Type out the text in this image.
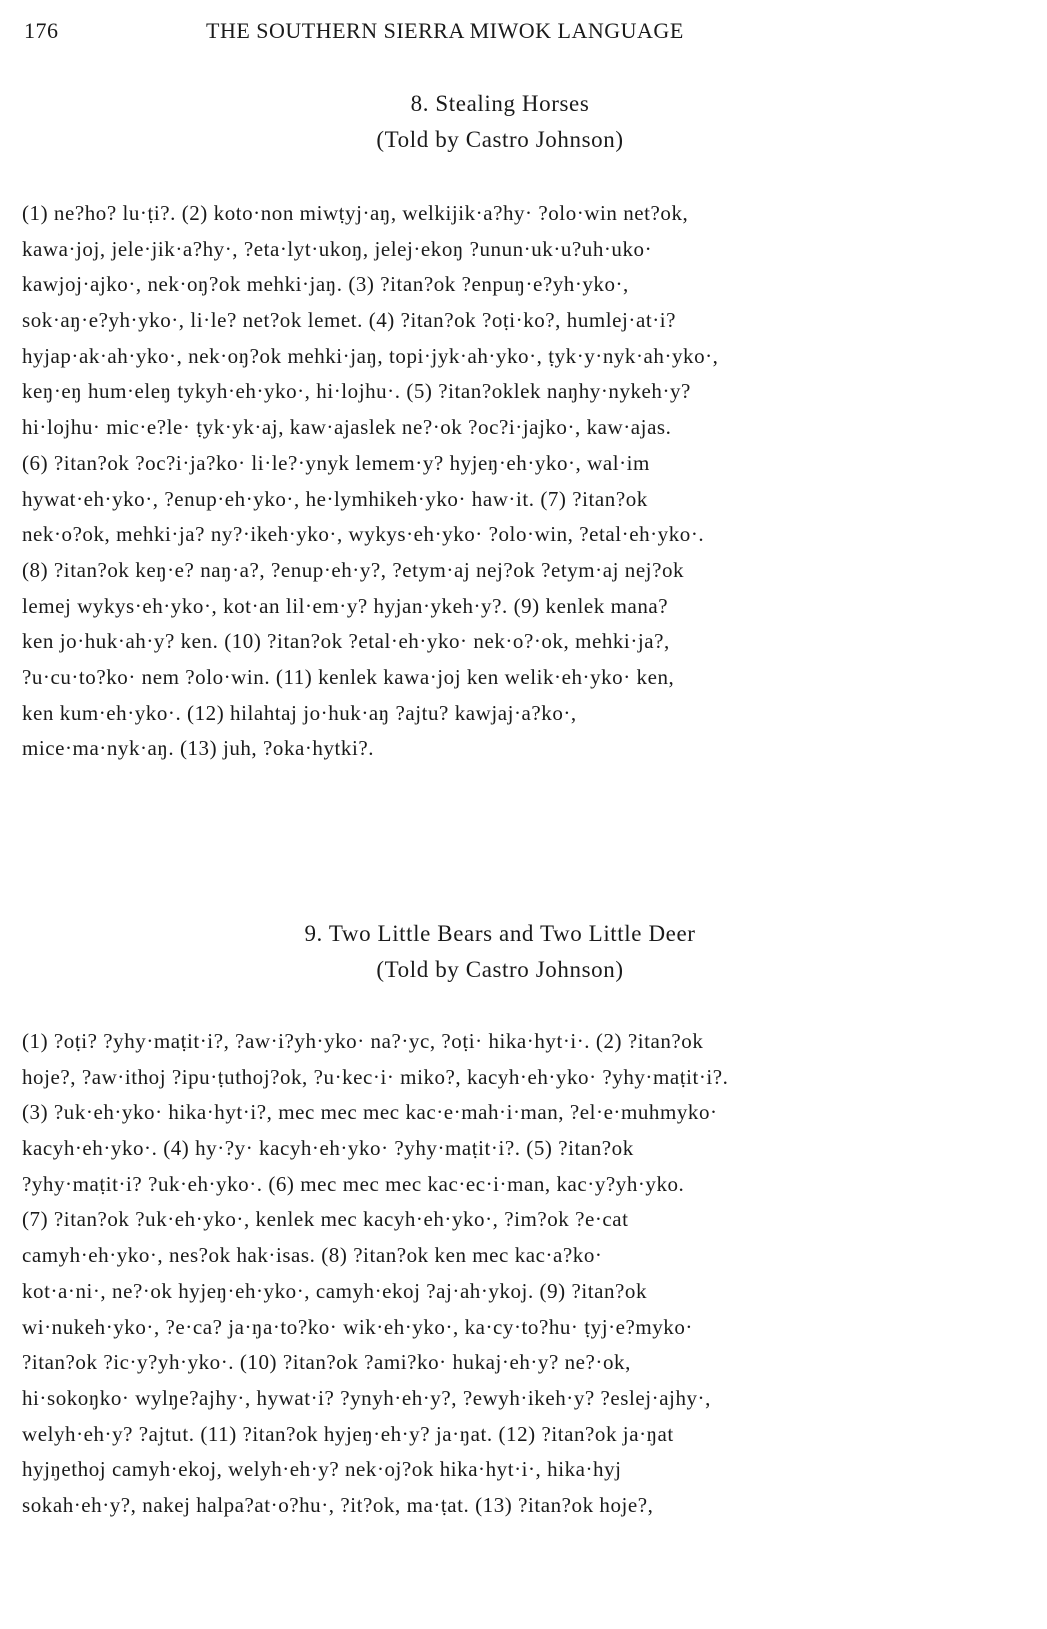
176	THE SOUTHERN SIERRA MIWOK LANGUAGE
8. Stealing Horses
(Told by Castro Johnson)
(1) ne?ho? lu·ṭi?. (2) koto·non miwṭyj·aŋ, welkijik·a?hy· ?olo·win net?ok,
kawa·joj, jele·jik·a?hy·, ?eta·lyt·ukoŋ, jelej·ekoŋ ?unun·uk·u?uh·uko·
kawjoj·ajko·, nek·oŋ?ok mehki·jaŋ. (3) ?itan?ok ?enpuŋ·e?yh·yko·,
sok·aŋ·e?yh·yko·, li·le? net?ok lemet. (4) ?itan?ok ?oṭi·ko?, humlej·at·i?
hyjap·ak·ah·yko·, nek·oŋ?ok mehki·jaŋ, topi·jyk·ah·yko·, ṭyk·y·nyk·ah·yko·,
keŋ·eŋ hum·eleŋ tykyh·eh·yko·, hi·lojhu·. (5) ?itan?oklek naŋhy·nykeh·y?
hi·lojhu· mic·e?le· ṭyk·yk·aj, kaw·ajaslek ne?·ok ?oc?i·jajko·, kaw·ajas.
(6) ?itan?ok ?oc?i·ja?ko· li·le?·ynyk lemem·y? hyjeŋ·eh·yko·, wal·im
hywat·eh·yko·, ?enup·eh·yko·, he·lymhikeh·yko· haw·it. (7) ?itan?ok
nek·o?ok, mehki·ja? ny?·ikeh·yko·, wykys·eh·yko· ?olo·win, ?etal·eh·yko·.
(8) ?itan?ok keŋ·e? naŋ·a?, ?enup·eh·y?, ?etym·aj nej?ok ?etym·aj nej?ok
lemej wykys·eh·yko·, kot·an lil·em·y? hyjan·ykeh·y?. (9) kenlek mana?
ken jo·huk·ah·y? ken. (10) ?itan?ok ?etal·eh·yko· nek·o?·ok, mehki·ja?,
?u·cu·to?ko· nem ?olo·win. (11) kenlek kawa·joj ken welik·eh·yko· ken,
ken kum·eh·yko·. (12) hilahtaj jo·huk·aŋ ?ajtu? kawjaj·a?ko·,
mice·ma·nyk·aŋ. (13) juh, ?oka·hytki?.
9. Two Little Bears and Two Little Deer
(Told by Castro Johnson)
(1) ?oṭi? ?yhy·maṭit·i?, ?aw·i?yh·yko· na?·yc, ?oṭi· hika·hyt·i·. (2) ?itan?ok
hoje?, ?aw·ithoj ?ipu·ṭuthoj?ok, ?u·kec·i· miko?, kacyh·eh·yko· ?yhy·maṭit·i?.
(3) ?uk·eh·yko· hika·hyt·i?, mec mec mec kac·e·mah·i·man, ?el·e·muhmyko·
kacyh·eh·yko·. (4) hy·?y· kacyh·eh·yko· ?yhy·maṭit·i?. (5) ?itan?ok
?yhy·maṭit·i? ?uk·eh·yko·. (6) mec mec mec kac·ec·i·man, kac·y?yh·yko.
(7) ?itan?ok ?uk·eh·yko·, kenlek mec kacyh·eh·yko·, ?im?ok ?e·cat
camyh·eh·yko·, nes?ok hak·isas. (8) ?itan?ok ken mec kac·a?ko·
kot·a·ni·, ne?·ok hyjeŋ·eh·yko·, camyh·ekoj ?aj·ah·ykoj. (9) ?itan?ok
wi·nukeh·yko·, ?e·ca? ja·ŋa·to?ko· wik·eh·yko·, ka·cy·to?hu· ṭyj·e?myko·
?itan?ok ?ic·y?yh·yko·. (10) ?itan?ok ?ami?ko· hukaj·eh·y? ne?·ok,
hi·sokoŋko· wylŋe?ajhy·, hywat·i? ?ynyh·eh·y?, ?ewyh·ikeh·y? ?eslej·ajhy·,
welyh·eh·y? ?ajtut. (11) ?itan?ok hyjeŋ·eh·y? ja·ŋat. (12) ?itan?ok ja·ŋat
hyjŋethoj camyh·ekoj, welyh·eh·y? nek·oj?ok hika·hyt·i·, hika·hyj
sokah·eh·y?, nakej halpa?at·o?hu·, ?it?ok, ma·ṭat. (13) ?itan?ok hoje?,
